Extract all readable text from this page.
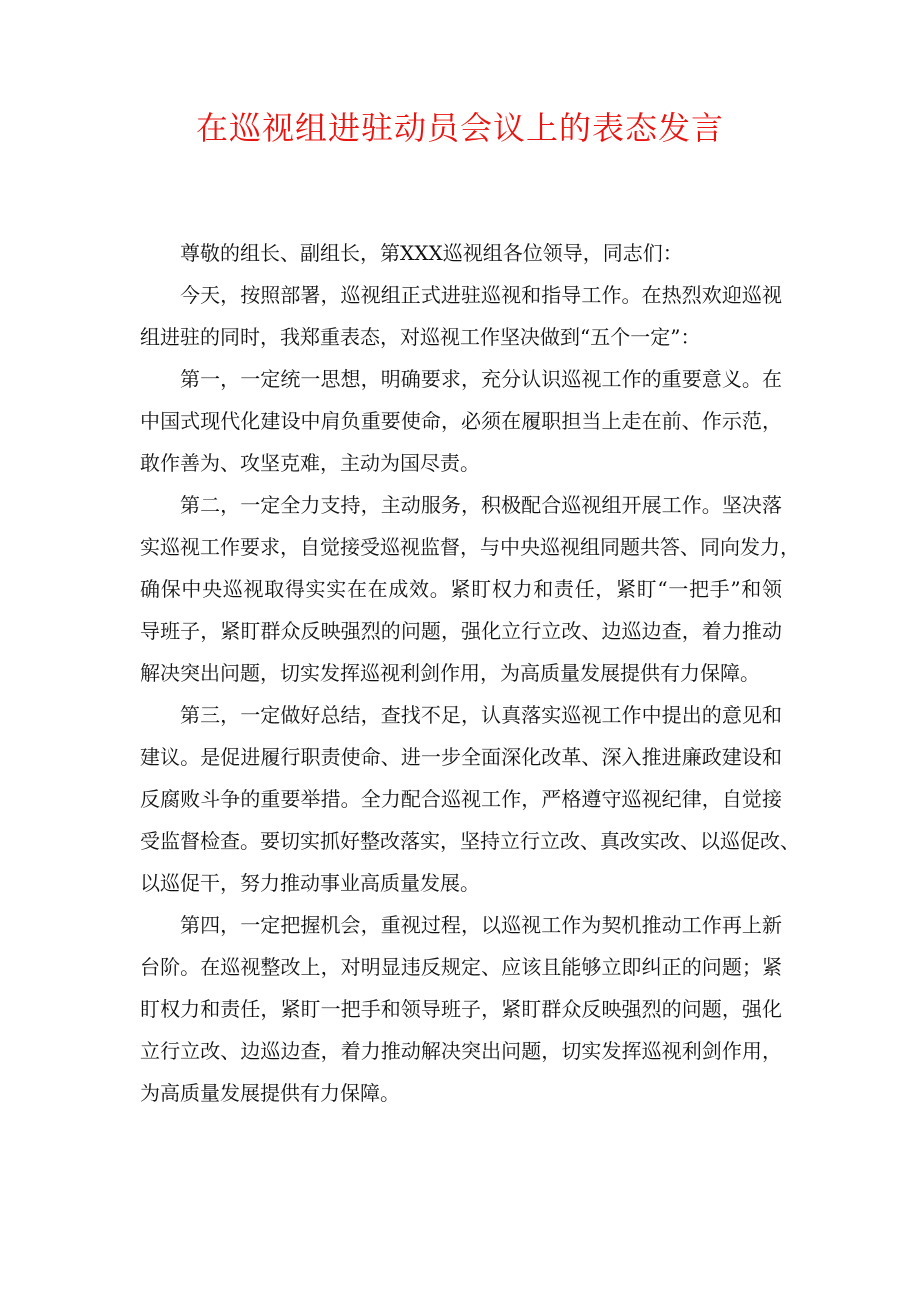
在巡视组进驻动员会议上的表态发言
尊敬的组长、副组长，第XXX巡视组各位领导，同志们：
今天，按照部署，巡视组正式进驻巡视和指导工作。在热烈欢迎巡视
组进驻的同时，我郑重表态，对巡视工作坚决做到“五个一定”：
第一，一定统一思想，明确要求，充分认识巡视工作的重要意义。在
中国式现代化建设中肩负重要使命，必须在履职担当上走在前、作示范，
敢作善为、攻坚克难，主动为国尽责。
第二，一定全力支持，主动服务，积极配合巡视组开展工作。坚决落
实巡视工作要求，自觉接受巡视监督，与中央巡视组同题共答、同向发力，
确保中央巡视取得实实在在成效。紧盯权力和责任，紧盯“一把手”和领
导班子，紧盯群众反映强烈的问题，强化立行立改、边巡边查，着力推动
解决突出问题，切实发挥巡视利剑作用，为高质量发展提供有力保障。
第三，一定做好总结，查找不足，认真落实巡视工作中提出的意见和
建议。是促进履行职责使命、进一步全面深化改革、深入推进廉政建设和
反腐败斗争的重要举措。全力配合巡视工作，严格遵守巡视纪律，自觉接
受监督检查。要切实抓好整改落实，坚持立行立改、真改实改、以巡促改、
以巡促干，努力推动事业高质量发展。
第四，一定把握机会，重视过程，以巡视工作为契机推动工作再上新
台阶。在巡视整改上，对明显违反规定、应该且能够立即纠正的问题；紧
盯权力和责任，紧盯一把手和领导班子，紧盯群众反映强烈的问题，强化
立行立改、边巡边查，着力推动解决突出问题，切实发挥巡视利剑作用，
为高质量发展提供有力保障。
